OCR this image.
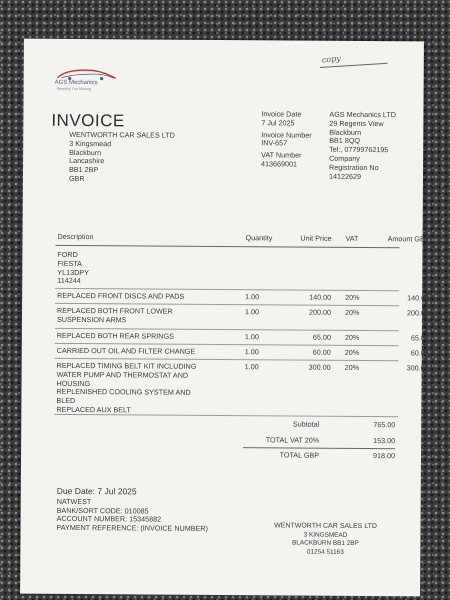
AGS Mechanics
Keeping You Moving
copy
INVOICE
WENTWORTH CAR SALES LTD
3 Kingsmead
Blackburn
Lancashire
BB1 2BP
GBR
Invoice Date
7 Jul 2025
Invoice Number
INV-657
VAT Number
413669001
AGS Mechanics LTD
29 Regents View
Blackburn
BB1 8QQ
Tel:, 07799762195
Company
Registration No
14122629
Description	Quantity	Unit Price VAT	Amount GBP
FORD
FIESTA
YL13DPY
114244
REPLACED FRONT DISCS AND PADS	1.00	140.00 20%	140.00
REPLACED BOTH FRONT LOWER
SUSPENSION ARMS
1.00	200.00 20%	200.00
REPLACED BOTH REAR SPRINGS	1.00	65.00 20%	65.00
CARRIED OUT OIL AND FILTER CHANGE	1.00	60.00 20%	60.00
REPLACED TIMING BELT KIT INCLUDING
WATER PUMP AND THERMOSTAT AND
HOUSING
REPLENISHED COOLING SYSTEM AND
BLED
REPLACED AUX BELT
1.00	300.00 20%	300.00
Subtotal	765.00
TOTAL VAT 20%	153.00
TOTAL GBP	918.00
Due Date: 7 Jul 2025
NATWEST
BANK/SORT CODE: 010085
ACCOUNT NUMBER: 15345882
PAYMENT REFERENCE: (INVOICE NUMBER)	WENTWORTH CAR SALES LTD
3 KINGSMEAD
BLACKBURN BB1 2BP
01254 51163
